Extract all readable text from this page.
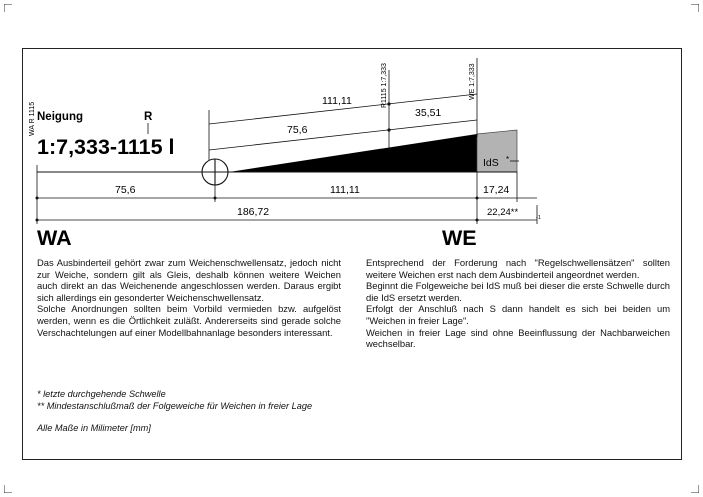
WA R 1115 Neigung	R
1:7,333-1115 l
R1115 1:7,333	WE 1:7,333
111,11
75,6
35,51
75,6	111,11	17,24
186,72	22,24**	-1
IdS *
WA	WE

Das Ausbinderteil gehört zwar zum Weichenschwellensatz, jedoch nicht zur Weiche, sondern gilt als Gleis, deshalb können weitere Weichen auch direkt an das Weichenende angeschlossen werden. Daraus ergibt sich allerdings ein gesonderter Weichenschwellensatz.

Solche Anordnungen sollten beim Vorbild vermieden bzw. aufgelöst werden, wenn es die Örtlichkeit zuläßt. Andererseits sind gerade solche Verschachtelungen auf einer Modellbahnanlage besonders interessant.

Entsprechend der Forderung nach "Regelschwellensätzen" sollten weitere Weichen erst nach dem Ausbinderteil angeordnet werden.

Beginnt die Folgeweiche bei IdS muß bei dieser die erste Schwelle durch die IdS ersetzt werden.

Erfolgt der Anschluß nach S dann handelt es sich bei beiden um "Weichen in freier Lage".

Weichen in freier Lage sind ohne Beeinflussung der Nachbarweichen wechselbar.

* letzte durchgehende Schwelle
** Mindestanschlußmaß der Folgeweiche für Weichen in freier Lage
Alle Maße in Milimeter [mm]
